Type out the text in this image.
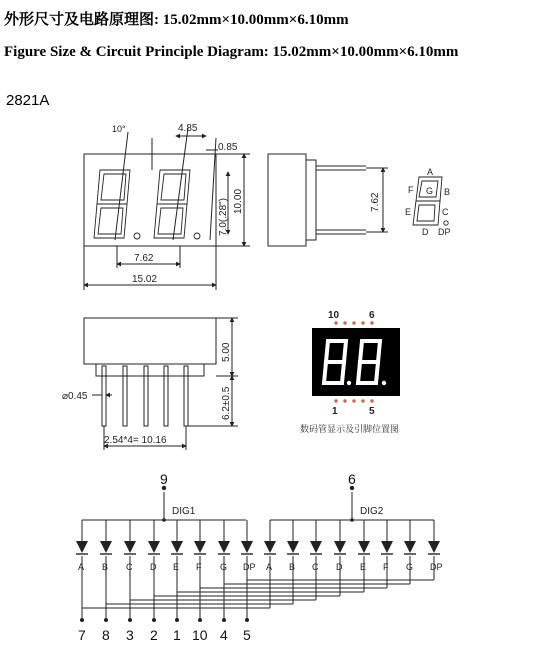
外形尺寸及电路原理图: 15.02mm×10.00mm×6.10mm
Figure Size & Circuit Principle Diagram: 15.02mm×10.00mm×6.10mm
2821A
10°	4.85
0.85
7.0(.28") 10.00
7.62
15.02
7.62
A
B
C
D
E
F G
DP
⌀0.45
5.00
6.2±0.5
2.54*4= 10.16
10	6
1	5
数码管显示及引脚位置图
A B C D E F G DP A B C D E F G DP
7 8 3 2 1 10 4 5
9
DIG1
6
DIG2
